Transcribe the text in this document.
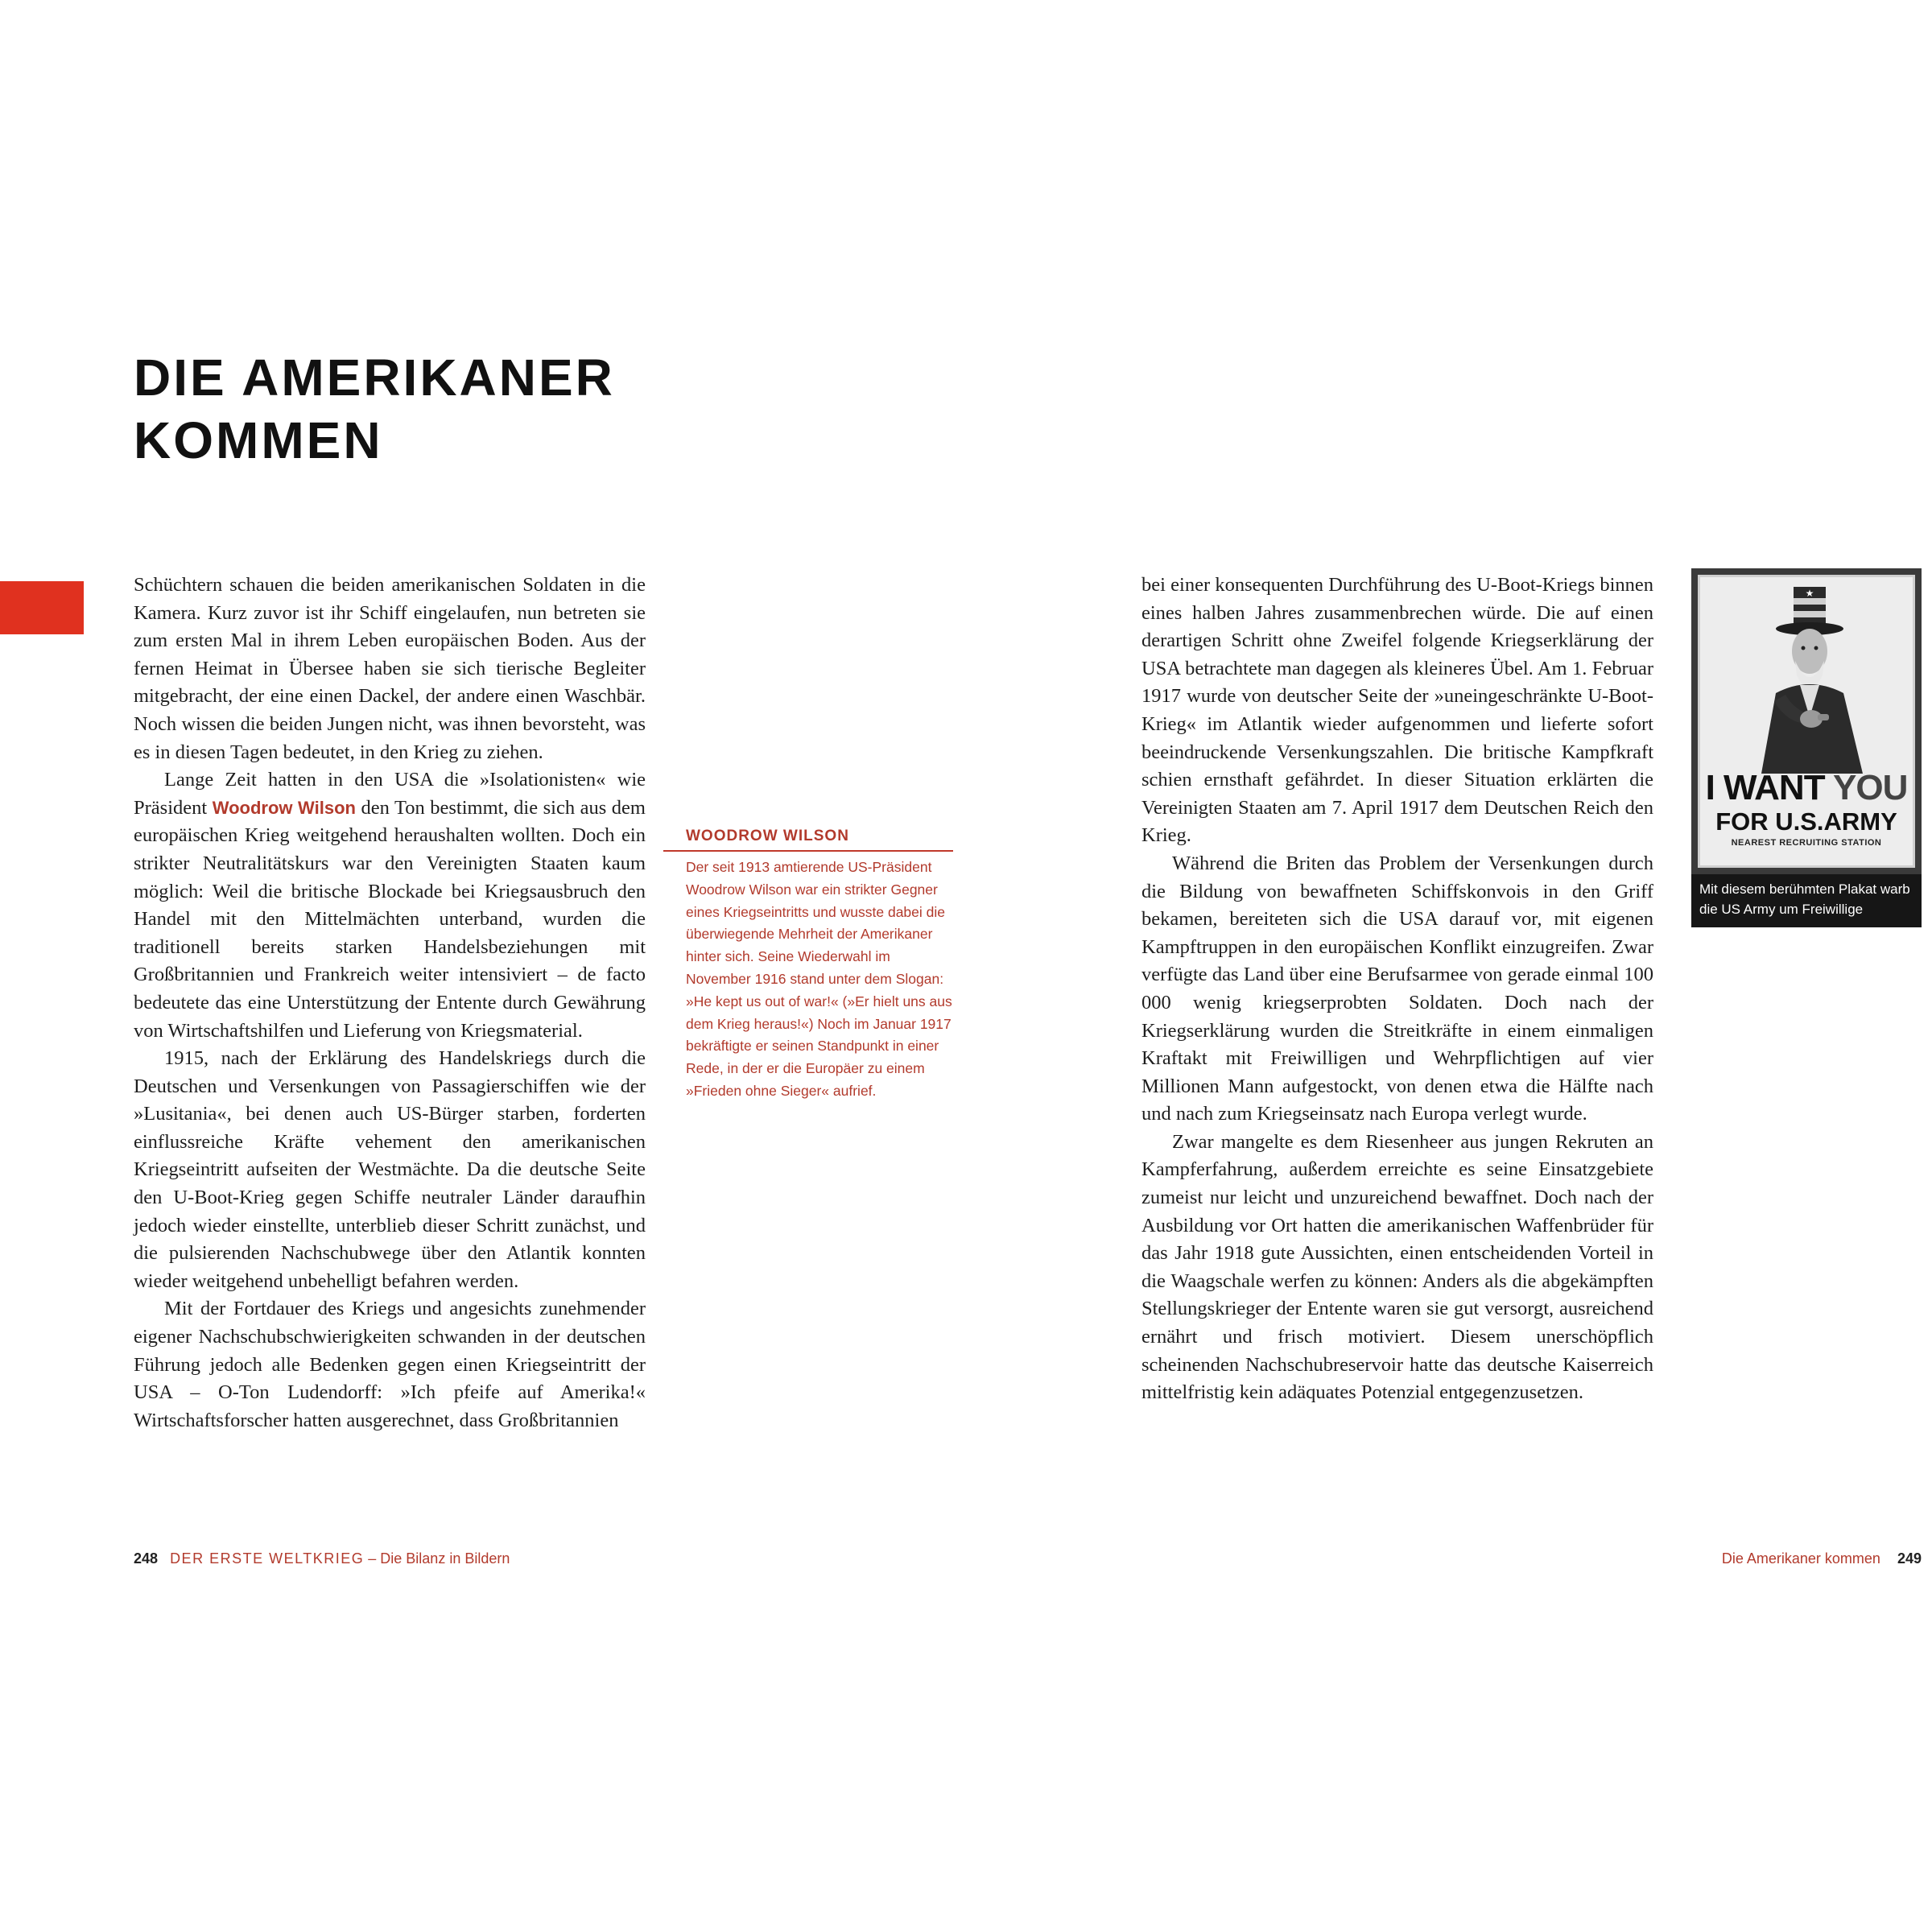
DIE AMERIKANER
KOMMEN

Schüchtern schauen die beiden amerikanischen Soldaten in die Kamera. Kurz zuvor ist ihr Schiff eingelaufen, nun betreten sie zum ersten Mal in ihrem Leben europäischen Boden. Aus der fernen Heimat in Übersee haben sie sich tierische Begleiter mitgebracht, der eine einen Dackel, der andere einen Waschbär. Noch wissen die beiden Jungen nicht, was ihnen bevorsteht, was es in diesen Tagen bedeutet, in den Krieg zu ziehen.

Lange Zeit hatten in den USA die »Isolationisten« wie Präsident Woodrow Wilson den Ton bestimmt, die sich aus dem europäischen Krieg weitgehend heraushalten wollten. Doch ein strikter Neutralitätskurs war den Vereinigten Staaten kaum möglich: Weil die britische Blockade bei Kriegsausbruch den Handel mit den Mittelmächten unterband, wurden die traditionell bereits starken Handelsbeziehungen mit Großbritannien und Frankreich weiter intensiviert – de facto bedeutete das eine Unterstützung der Entente durch Gewährung von Wirtschaftshilfen und Lieferung von Kriegsmaterial.

1915, nach der Erklärung des Handelskriegs durch die Deutschen und Versenkungen von Passagierschiffen wie der »Lusitania«, bei denen auch US-Bürger starben, forderten einflussreiche Kräfte vehement den amerikanischen Kriegseintritt aufseiten der Westmächte. Da die deutsche Seite den U-Boot-Krieg gegen Schiffe neutraler Länder daraufhin jedoch wieder einstellte, unterblieb dieser Schritt zunächst, und die pulsierenden Nachschubwege über den Atlantik konnten wieder weitgehend unbehelligt befahren werden.

Mit der Fortdauer des Kriegs und angesichts zunehmender eigener Nachschubschwierigkeiten schwanden in der deutschen Führung jedoch alle Bedenken gegen einen Kriegseintritt der USA – O-Ton Ludendorff: »Ich pfeife auf Amerika!« Wirtschaftsforscher hatten ausgerechnet, dass Großbritannien

WOODROW WILSON
Der seit 1913 amtierende US-Präsident Woodrow Wilson war ein strikter Gegner eines Kriegseintritts und wusste dabei die überwiegende Mehrheit der Amerikaner hinter sich. Seine Wiederwahl im November 1916 stand unter dem Slogan: »He kept us out of war!« (»Er hielt uns aus dem Krieg heraus!«) Noch im Januar 1917 bekräftigte er seinen Standpunkt in einer Rede, in der er die Europäer zu einem »Frieden ohne Sieger« aufrief.

bei einer konsequenten Durchführung des U-Boot-Kriegs binnen eines halben Jahres zusammenbrechen würde. Die auf einen derartigen Schritt ohne Zweifel folgende Kriegserklärung der USA betrachtete man dagegen als kleineres Übel. Am 1. Februar 1917 wurde von deutscher Seite der »uneingeschränkte U-Boot-Krieg« im Atlantik wieder aufgenommen und lieferte sofort beeindruckende Versenkungszahlen. Die britische Kampfkraft schien ernsthaft gefährdet. In dieser Situation erklärten die Vereinigten Staaten am 7. April 1917 dem Deutschen Reich den Krieg.

Während die Briten das Problem der Versenkungen durch die Bildung von bewaffneten Schiffskonvois in den Griff bekamen, bereiteten sich die USA darauf vor, mit eigenen Kampftruppen in den europäischen Konflikt einzugreifen. Zwar verfügte das Land über eine Berufsarmee von gerade einmal 100 000 wenig kriegserprobten Soldaten. Doch nach der Kriegserklärung wurden die Streitkräfte in einem einmaligen Kraftakt mit Freiwilligen und Wehrpflichtigen auf vier Millionen Mann aufgestockt, von denen etwa die Hälfte nach und nach zum Kriegseinsatz nach Europa verlegt wurde.

Zwar mangelte es dem Riesenheer aus jungen Rekruten an Kampferfahrung, außerdem erreichte es seine Einsatzgebiete zumeist nur leicht und unzureichend bewaffnet. Doch nach der Ausbildung vor Ort hatten die amerikanischen Waffenbrüder für das Jahr 1918 gute Aussichten, einen entscheidenden Vorteil in die Waagschale werfen zu können: Anders als die abgekämpften Stellungskrieger der Entente waren sie gut versorgt, ausreichend ernährt und frisch motiviert. Diesem unerschöpflich scheinenden Nachschubreservoir hatte das deutsche Kaiserreich mittelfristig kein adäquates Potenzial entgegenzusetzen.

★
I WANT YOU
FOR U.S.ARMY
NEAREST RECRUITING STATION
Mit diesem berühmten Plakat warb die US Army um Freiwillige
248 DER ERSTE WELTKRIEG – Die Bilanz in Bildern	Die Amerikaner kommen 249
